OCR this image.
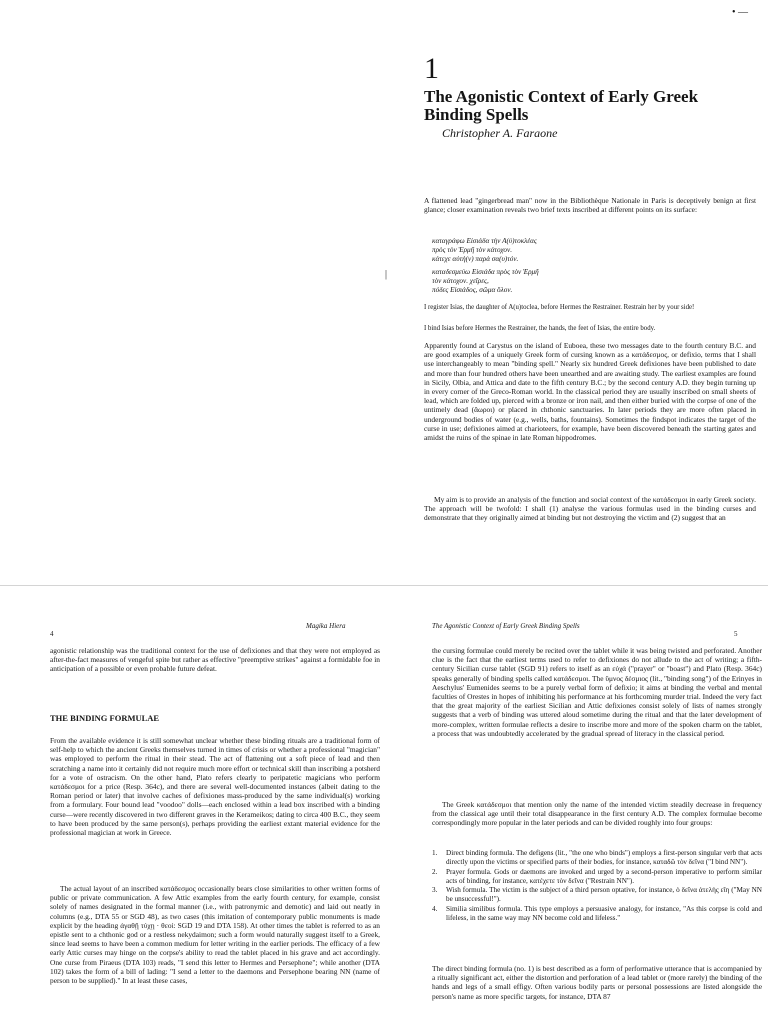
• —
|
1
The Agonistic Context of Early Greek
Binding Spells
Christopher A. Faraone

A flattened lead "gingerbread man" now in the Bibliothèque Nationale in Paris is deceptively benign at first glance; closer examination reveals two brief texts inscribed at different points on its surface:

καταγράφω Εἰσιάδα τὴν Α(ὐ)τοκλέας
πρὸς τὸν Ἑρμῆ τὸν κάτοχον.
κάτεχε αὐτὴ(ν) παρὰ σα(υ)τόν.
καταδεσμεύω Εἰσιάδα πρὸς τὸν Ἑρμῆ
τὸν κάτοχον. χεῖρες,
πόδες Εἰσιάδος, σῶμα ὅλον.

I register Isias, the daughter of A(u)toclea, before Hermes the Restrainer. Restrain her by your side!

I bind Isias before Hermes the Restrainer, the hands, the feet of Isias, the entire body.

Apparently found at Carystus on the island of Euboea, these two messages date to the fourth century B.C. and are good examples of a uniquely Greek form of cursing known as a κατάδεσμος, or defixio, terms that I shall use interchangeably to mean "binding spell." Nearly six hundred Greek defixiones have been published to date and more than four hundred others have been unearthed and are awaiting study. The earliest examples are found in Sicily, Olbia, and Attica and date to the fifth century B.C.; by the second century A.D. they begin turning up in every corner of the Greco-Roman world. In the classical period they are usually inscribed on small sheets of lead, which are folded up, pierced with a bronze or iron nail, and then either buried with the corpse of one of the untimely dead (ἄωροι) or placed in chthonic sanctuaries. In later periods they are more often placed in underground bodies of water (e.g., wells, baths, fountains). Sometimes the findspot indicates the target of the curse in use; defixiones aimed at charioteers, for example, have been discovered beneath the starting gates and amidst the ruins of the spinae in late Roman hippodromes.

My aim is to provide an analysis of the function and social context of the κατάδεσμοι in early Greek society. The approach will be twofold: I shall (1) analyse the various formulas used in the binding curses and demonstrate that they originally aimed at binding but not destroying the victim and (2) suggest that an

4
Magika Hiera

agonistic relationship was the traditional context for the use of defixiones and that they were not employed as after-the-fact measures of vengeful spite but rather as effective "preemptive strikes" against a formidable foe in anticipation of a possible or even probable future defeat.

THE BINDING FORMULAE

From the available evidence it is still somewhat unclear whether these binding rituals are a traditional form of self-help to which the ancient Greeks themselves turned in times of crisis or whether a professional "magician" was employed to perform the ritual in their stead. The act of flattening out a soft piece of lead and then scratching a name into it certainly did not require much more effort or technical skill than inscribing a potsherd for a vote of ostracism. On the other hand, Plato refers clearly to peripatetic magicians who perform κατάδεσμοι for a price (Resp. 364c), and there are several well-documented instances (albeit dating to the Roman period or later) that involve caches of defixiones mass-produced by the same individual(s) working from a formulary. Four bound lead "voodoo" dolls—each enclosed within a lead box inscribed with a binding curse—were recently discovered in two different graves in the Kerameikos; dating to circa 400 B.C., they seem to have been produced by the same person(s), perhaps providing the earliest extant material evidence for the professional magician at work in Greece.

The actual layout of an inscribed κατάδεσμος occasionally bears close similarities to other written forms of public or private communication. A few Attic examples from the early fourth century, for example, consist solely of names designated in the formal manner (i.e., with patronymic and demotic) and laid out neatly in columns (e.g., DTA 55 or SGD 48), as two cases (this imitation of contemporary public monuments is made explicit by the heading ἀγαθῇ τύχῃ · θεοί: SGD 19 and DTA 158). At other times the tablet is referred to as an epistle sent to a chthonic god or a restless nekydaimon; such a form would naturally suggest itself to a Greek, since lead seems to have been a common medium for letter writing in the earlier periods. The efficacy of a few early Attic curses may hinge on the corpse's ability to read the tablet placed in his grave and act accordingly. One curse from Piraeus (DTA 103) reads, "I send this letter to Hermes and Persephone"; while another (DTA 102) takes the form of a bill of lading: "I send a letter to the daemons and Persephone bearing NN (name of person to be supplied)." In at least these cases,

The Agonistic Context of Early Greek Binding Spells
5

the cursing formulae could merely be recited over the tablet while it was being twisted and perforated. Another clue is the fact that the earliest terms used to refer to defixiones do not allude to the act of writing; a fifth-century Sicilian curse tablet (SGD 91) refers to itself as an εὐχά ("prayer" or "boast") and Plato (Resp. 364c) speaks generally of binding spells called κατάδεσμοι. The ὕμνος δέσμιος (lit., "binding song") of the Erinyes in Aeschylus' Eumenides seems to be a purely verbal form of defixio; it aims at binding the verbal and mental faculties of Orestes in hopes of inhibiting his performance at his forthcoming murder trial. Indeed the very fact that the great majority of the earliest Sicilian and Attic defixiones consist solely of lists of names strongly suggests that a verb of binding was uttered aloud sometime during the ritual and that the later development of more-complex, written formulae reflects a desire to inscribe more and more of the spoken charm on the tablet, a process that was undoubtedly accelerated by the gradual spread of literacy in the classical period.

The Greek κατάδεσμοι that mention only the name of the intended victim steadily decrease in frequency from the classical age until their total disappearance in the first century A.D. The complex formulae become correspondingly more popular in the later periods and can be divided roughly into four groups:

1. Direct binding formula. The defigens (lit., "the one who binds") employs a first-person singular verb that acts directly upon the victims or specified parts of their bodies, for instance, καταδῶ τὸν δεῖνα ("I bind NN").
2. Prayer formula. Gods or daemons are invoked and urged by a second-person imperative to perform similar acts of binding, for instance, κατέχετε τὸν δεῖνα ("Restrain NN").
3. Wish formula. The victim is the subject of a third person optative, for instance, ὁ δεῖνα ἀτελὴς εἴη ("May NN be unsuccessful!").
4. Similia similibus formula. This type employs a persuasive analogy, for instance, "As this corpse is cold and lifeless, in the same way may NN become cold and lifeless."

The direct binding formula (no. 1) is best described as a form of performative utterance that is accompanied by a ritually significant act, either the distortion and perforation of a lead tablet or (more rarely) the binding of the hands and legs of a small effigy. Often various bodily parts or personal possessions are listed alongside the person's name as more specific targets, for instance, DTA 87
